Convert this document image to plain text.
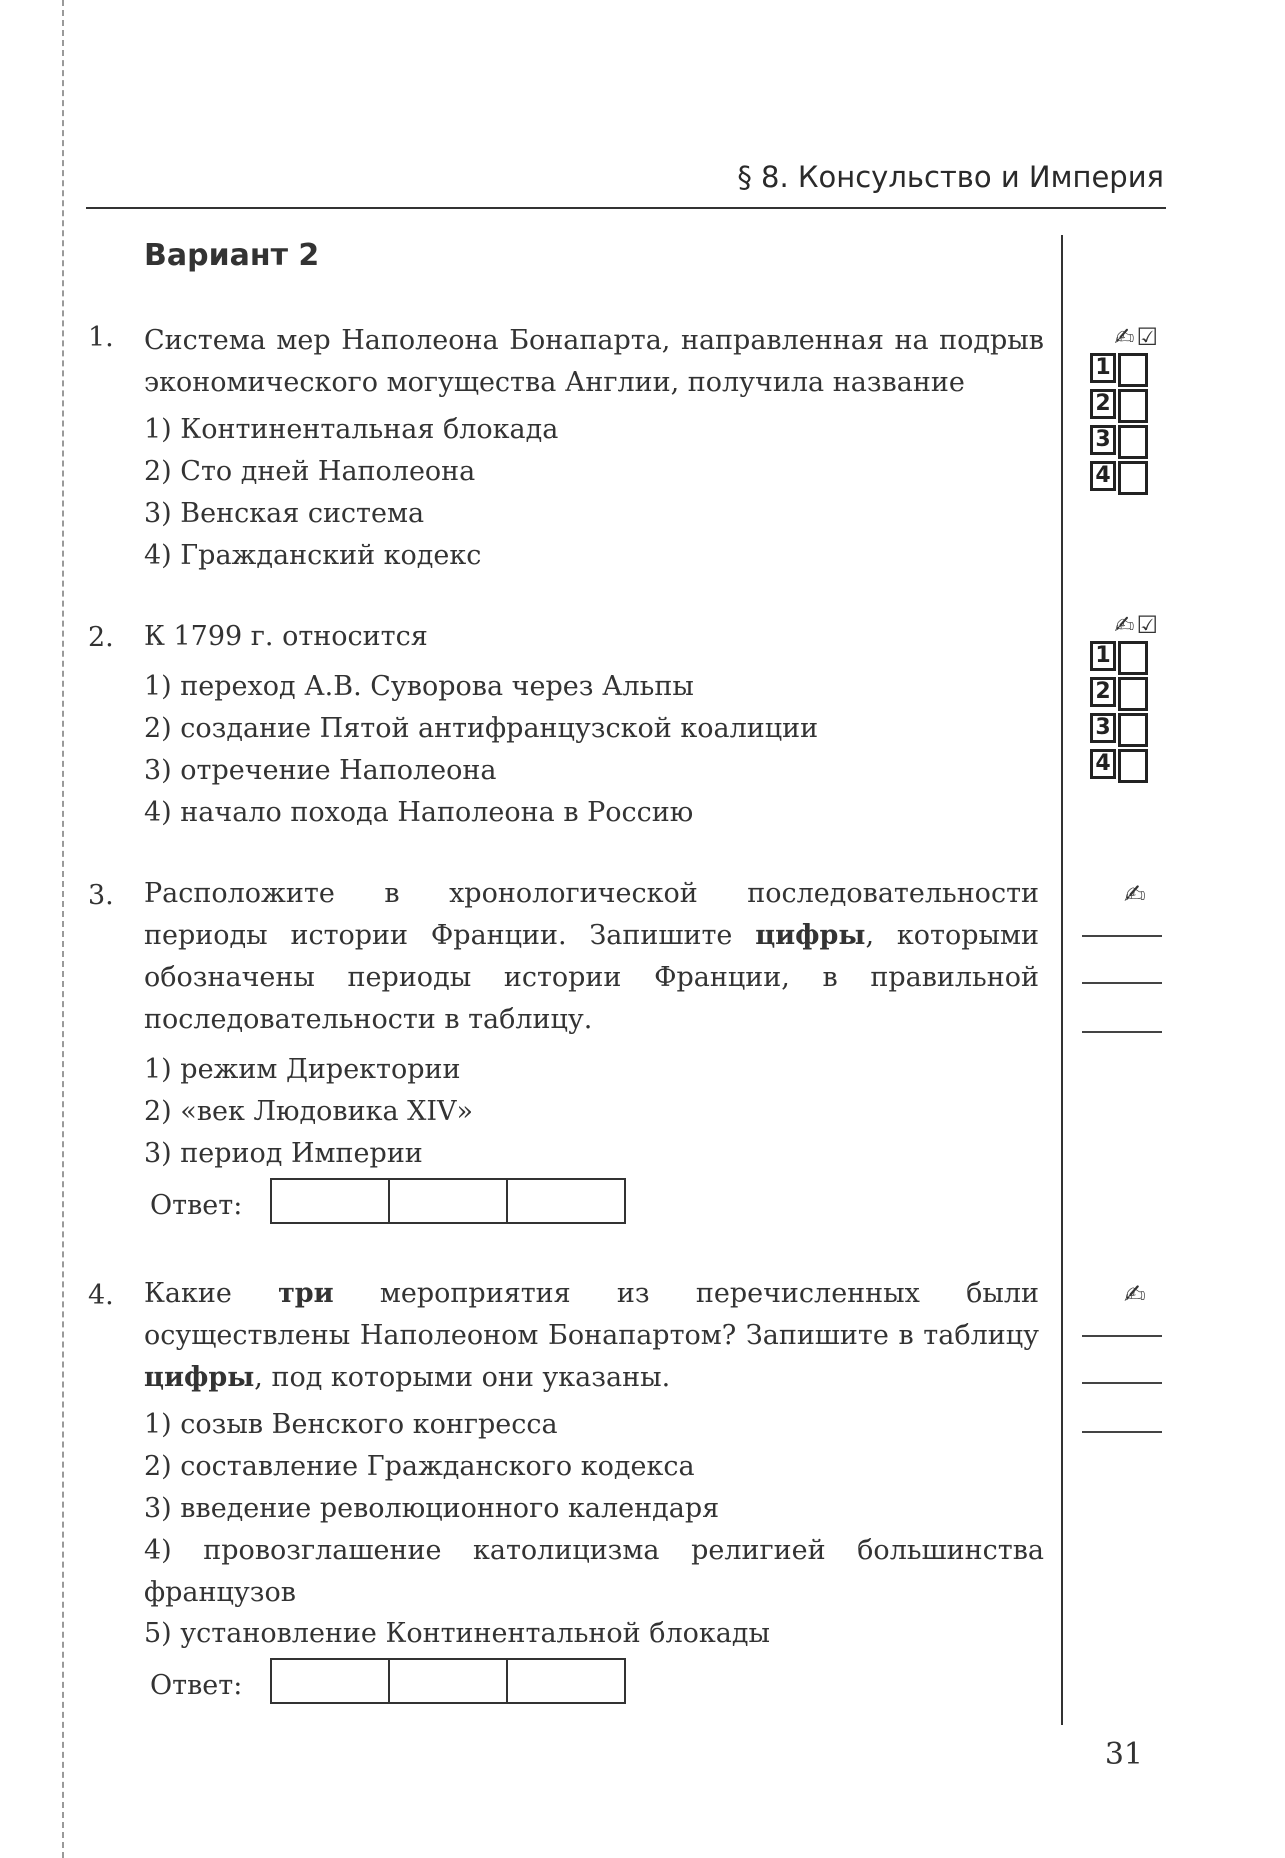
§ 8. Консульство и Империя
Вариант 2
1. Система мер Наполеона Бонапарта, направленная на подрыв экономического могущества Англии, получила название

1) Континентальная блокада
2) Сто дней Наполеона
3) Венская система
4) Гражданский кодекс
✍☑
1
2
3
4
2. К 1799 г. относится

1) переход А.В. Суворова через Альпы
2) создание Пятой антифранцузской коалиции
3) отречение Наполеона
4) начало похода Наполеона в Россию
✍☑
1
2
3
4
3. Расположите в хронологической последовательности периоды истории Франции. Запишите цифры, которыми обозначены периоды истории Франции, в правильной последовательности в таблицу.

1) режим Директории
2) «век Людовика XIV»
3) период Империи
Ответ:
✍
4. Какие три мероприятия из перечисленных были осуществлены Наполеоном Бонапартом? Запишите в таблицу цифры, под которыми они указаны.

1) созыв Венского конгресса
2) составление Гражданского кодекса
3) введение революционного календаря
4) провозглашение католицизма религией большинства французов
5) установление Континентальной блокады
Ответ:
✍
31
